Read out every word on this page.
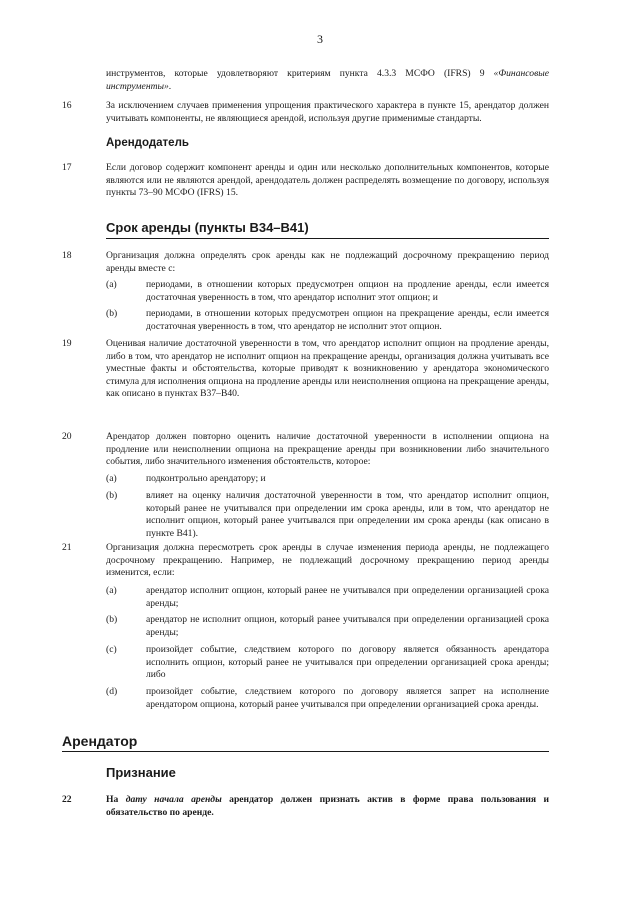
3
инструментов, которые удовлетворяют критериям пункта 4.3.3 МСФО (IFRS) 9 «Финансовые инструменты».
16	За исключением случаев применения упрощения практического характера в пункте 15, арендатор должен учитывать компоненты, не являющиеся арендой, используя другие применимые стандарты.
Арендодатель
17	Если договор содержит компонент аренды и один или несколько дополнительных компонентов, которые являются или не являются арендой, арендодатель должен распределять возмещение по договору, используя пункты 73–90 МСФО (IFRS) 15.
Срок аренды (пункты B34–B41)
18	Организация должна определять срок аренды как не подлежащий досрочному прекращению период аренды вместе с:
(a)	периодами, в отношении которых предусмотрен опцион на продление аренды, если имеется достаточная уверенность в том, что арендатор исполнит этот опцион; и
(b)	периодами, в отношении которых предусмотрен опцион на прекращение аренды, если имеется достаточная уверенность в том, что арендатор не исполнит этот опцион.
19	Оценивая наличие достаточной уверенности в том, что арендатор исполнит опцион на продление аренды, либо в том, что арендатор не исполнит опцион на прекращение аренды, организация должна учитывать все уместные факты и обстоятельства, которые приводят к возникновению у арендатора экономического стимула для исполнения опциона на продление аренды или неисполнения опциона на прекращение аренды, как описано в пунктах B37–B40.
20	Арендатор должен повторно оценить наличие достаточной уверенности в исполнении опциона на продление или неисполнении опциона на прекращение аренды при возникновении либо значительного события, либо значительного изменения обстоятельств, которое:
(a)	подконтрольно арендатору; и
(b)	влияет на оценку наличия достаточной уверенности в том, что арендатор исполнит опцион, который ранее не учитывался при определении им срока аренды, или в том, что арендатор не исполнит опцион, который ранее учитывался при определении им срока аренды (как описано в пункте B41).
21	Организация должна пересмотреть срок аренды в случае изменения периода аренды, не подлежащего досрочному прекращению. Например, не подлежащий досрочному прекращению период аренды изменится, если:
(a)	арендатор исполнит опцион, который ранее не учитывался при определении организацией срока аренды;
(b)	арендатор не исполнит опцион, который ранее учитывался при определении организацией срока аренды;
(c)	произойдет событие, следствием которого по договору является обязанность арендатора исполнить опцион, который ранее не учитывался при определении организацией срока аренды; либо
(d)	произойдет событие, следствием которого по договору является запрет на исполнение арендатором опциона, который ранее учитывался при определении организацией срока аренды.
Арендатор
Признание
22	На дату начала аренды арендатор должен признать актив в форме права пользования и обязательство по аренде.
